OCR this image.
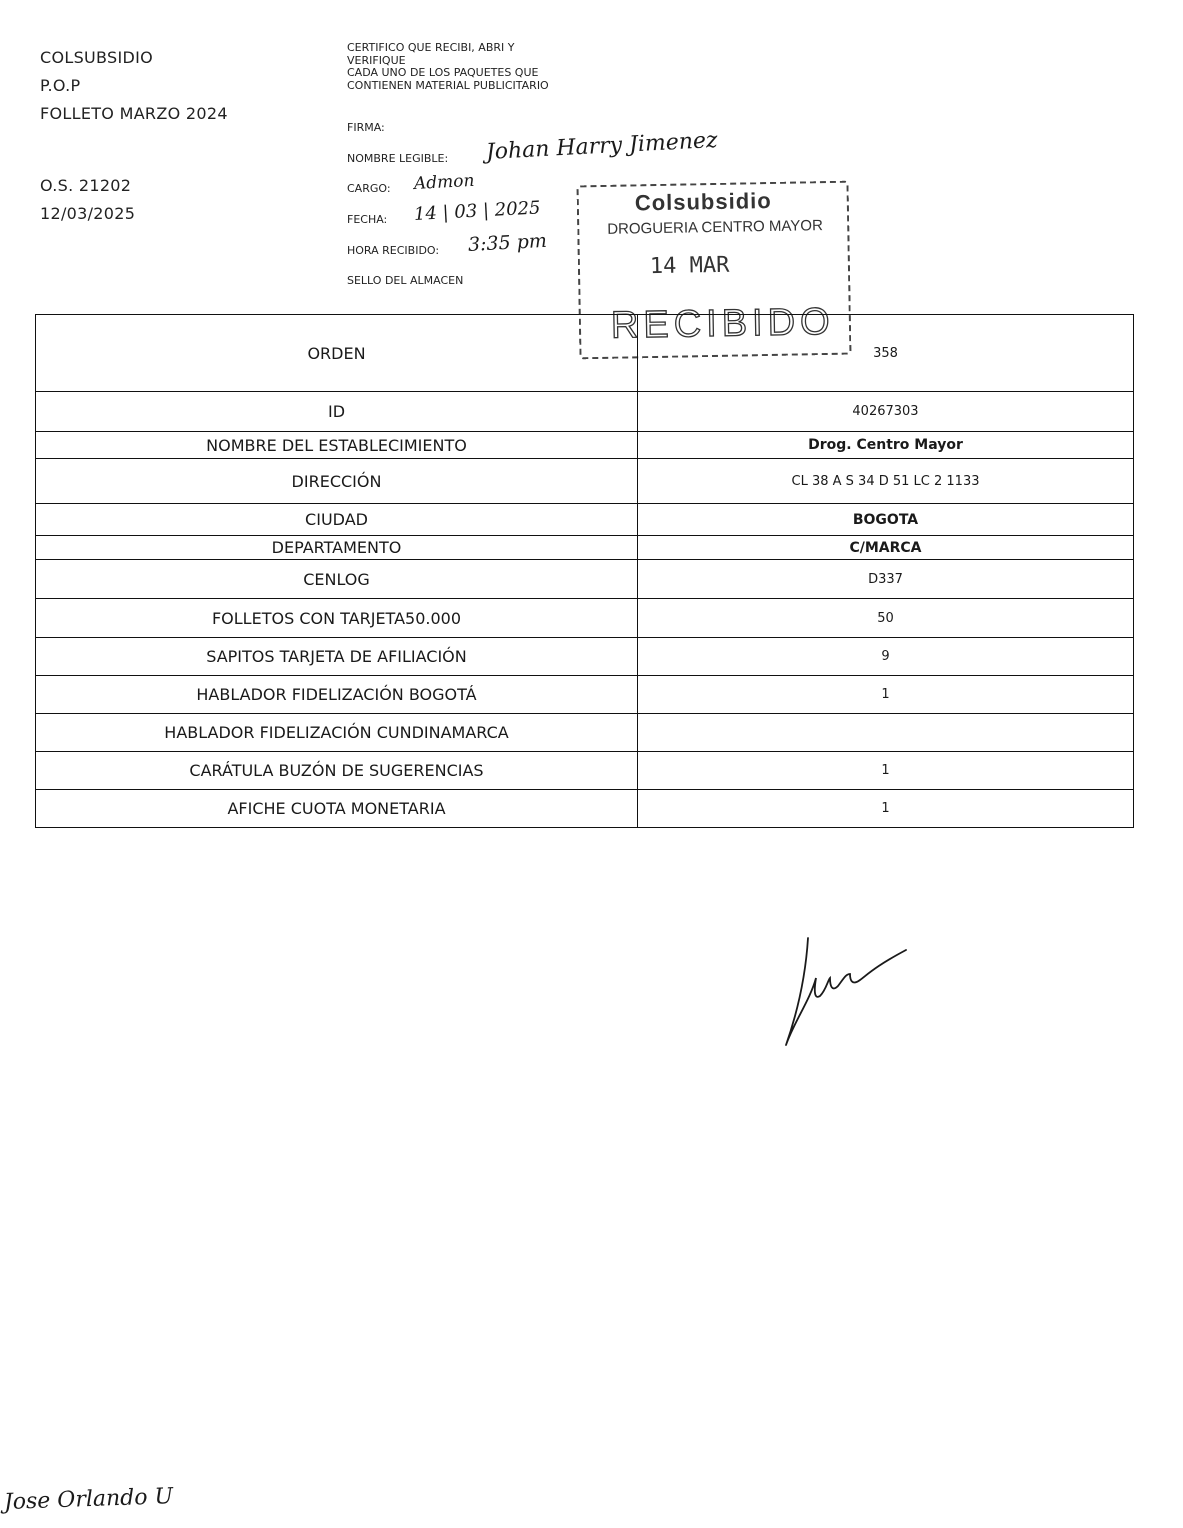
COLSUBSIDIO
P.O.P
FOLLETO MARZO 2024
O.S. 21202
12/03/2025
CERTIFICO QUE RECIBI, ABRI Y
VERIFIQUE
CADA UNO DE LOS PAQUETES QUE
CONTIENEN MATERIAL PUBLICITARIO
FIRMA:
NOMBRE LEGIBLE: Johan Harry Jimenez
CARGO: Admon
FECHA: 14 | 03 | 2025
HORA RECIBIDO: 3:35 pm
SELLO DEL ALMACEN
Colsubsidio
DROGUERIA CENTRO MAYOR
14 MAR
RECIBIDO
ORDEN	358
ID	40267303
NOMBRE DEL ESTABLECIMIENTO	Drog. Centro Mayor
DIRECCIÓN	CL 38 A S 34 D 51 LC 2 1133
CIUDAD	BOGOTA
DEPARTAMENTO	C/MARCA
CENLOG	D337
FOLLETOS CON TARJETA50.000	50
SAPITOS TARJETA DE AFILIACIÓN	9
HABLADOR FIDELIZACIÓN BOGOTÁ	1
HABLADOR FIDELIZACIÓN CUNDINAMARCA
CARÁTULA BUZÓN DE SUGERENCIAS	1
AFICHE CUOTA MONETARIA	1
Jose Orlando U
